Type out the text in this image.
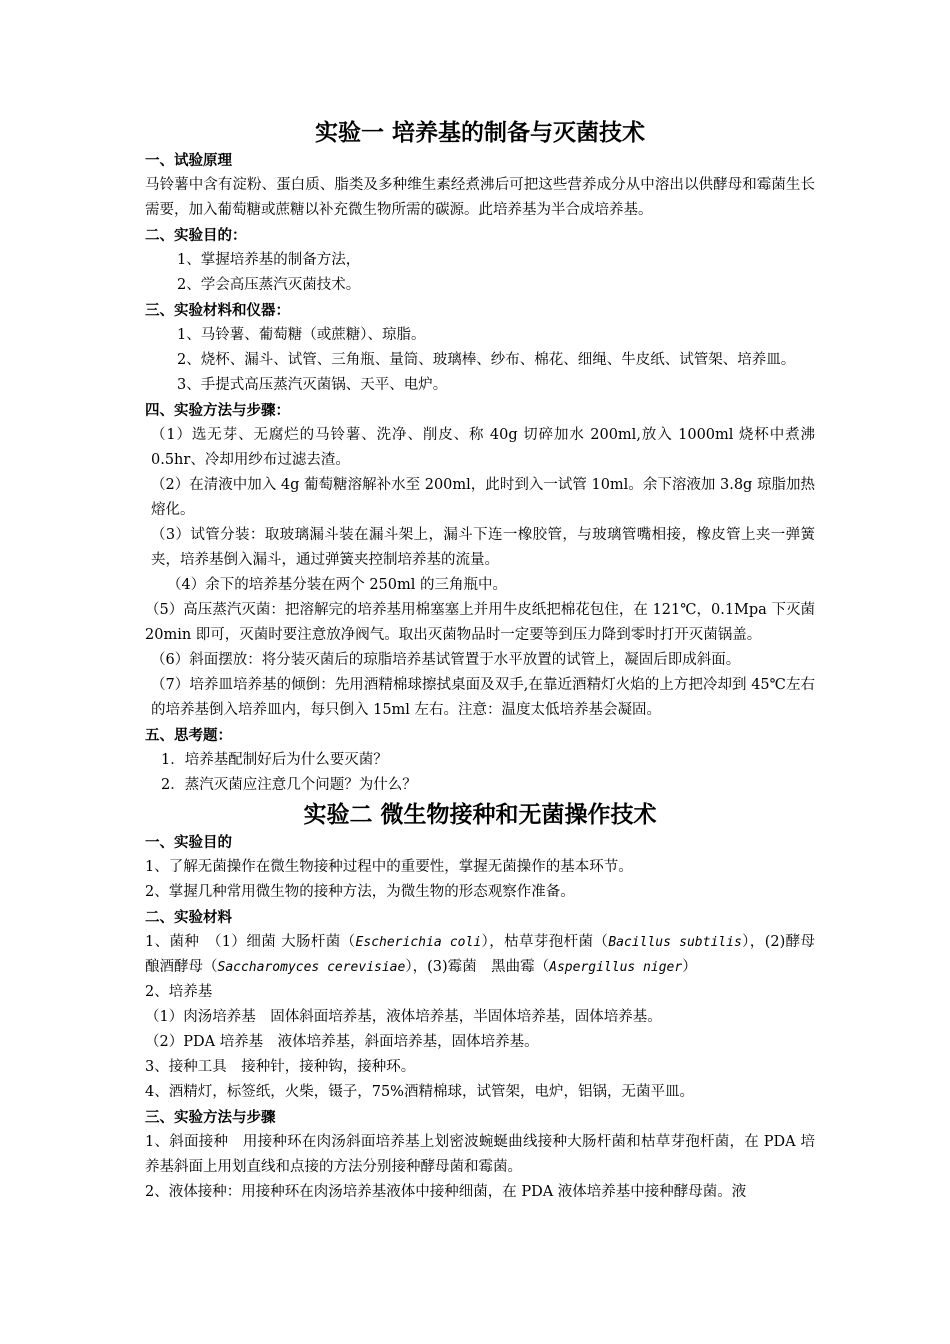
实验一 培养基的制备与灭菌技术
一、试验原理
马铃薯中含有淀粉、蛋白质、脂类及多种维生素经煮沸后可把这些营养成分从中溶出以供酵母和霉菌生长需要，加入葡萄糖或蔗糖以补充微生物所需的碳源。此培养基为半合成培养基。
二、实验目的：
1、掌握培养基的制备方法，
2、学会高压蒸汽灭菌技术。
三、实验材料和仪器：
1、马铃薯、葡萄糖（或蔗糖）、琼脂。
2、烧杯、漏斗、试管、三角瓶、量筒、玻璃棒、纱布、棉花、细绳、牛皮纸、试管架、培养皿。
3、手提式高压蒸汽灭菌锅、天平、电炉。
四、实验方法与步骤：
（1）选无芽、无腐烂的马铃薯、洗净、削皮、称 40g 切碎加水 200ml,放入 1000ml 烧杯中煮沸 0.5hr、冷却用纱布过滤去渣。
（2）在清液中加入 4g 葡萄糖溶解补水至 200ml，此时到入一试管 10ml。余下溶液加 3.8g 琼脂加热熔化。
（3）试管分装：取玻璃漏斗装在漏斗架上，漏斗下连一橡胶管，与玻璃管嘴相接，橡皮管上夹一弹簧夹，培养基倒入漏斗，通过弹簧夹控制培养基的流量。
（4）余下的培养基分装在两个 250ml 的三角瓶中。
（5）高压蒸汽灭菌：把溶解完的培养基用棉塞塞上并用牛皮纸把棉花包住，在 121℃，0.1Mpa 下灭菌 20min 即可，灭菌时要注意放净阀气。取出灭菌物品时一定要等到压力降到零时打开灭菌锅盖。
（6）斜面摆放：将分装灭菌后的琼脂培养基试管置于水平放置的试管上，凝固后即成斜面。
（7）培养皿培养基的倾倒：先用酒精棉球擦拭桌面及双手,在靠近酒精灯火焰的上方把冷却到 45℃左右的培养基倒入培养皿内，每只倒入 15ml 左右。注意：温度太低培养基会凝固。
五、思考题：
1．培养基配制好后为什么要灭菌？
2．蒸汽灭菌应注意几个问题？为什么？
实验二 微生物接种和无菌操作技术
一、实验目的
1、了解无菌操作在微生物接种过程中的重要性，掌握无菌操作的基本环节。
2、掌握几种常用微生物的接种方法，为微生物的形态观察作准备。
二、实验材料
1、菌种　（1）细菌 大肠杆菌（Escherichia coli），枯草芽孢杆菌（Bacillus subtilis），(2)酵母　酿酒酵母（Saccharomyces cerevisiae），(3)霉菌　黑曲霉（Aspergillus niger）
2、培养基
（1）肉汤培养基　固体斜面培养基，液体培养基，半固体培养基，固体培养基。
（2）PDA 培养基　液体培养基，斜面培养基，固体培养基。
3、接种工具　接种针，接种钩，接种环。
4、酒精灯，标签纸，火柴，镊子，75%酒精棉球，试管架，电炉，铝锅，无菌平皿。
三、实验方法与步骤
1、斜面接种　用接种环在肉汤斜面培养基上划密波蜿蜒曲线接种大肠杆菌和枯草芽孢杆菌，在 PDA 培养基斜面上用划直线和点接的方法分别接种酵母菌和霉菌。
2、液体接种：用接种环在肉汤培养基液体中接种细菌，在 PDA 液体培养基中接种酵母菌。液
